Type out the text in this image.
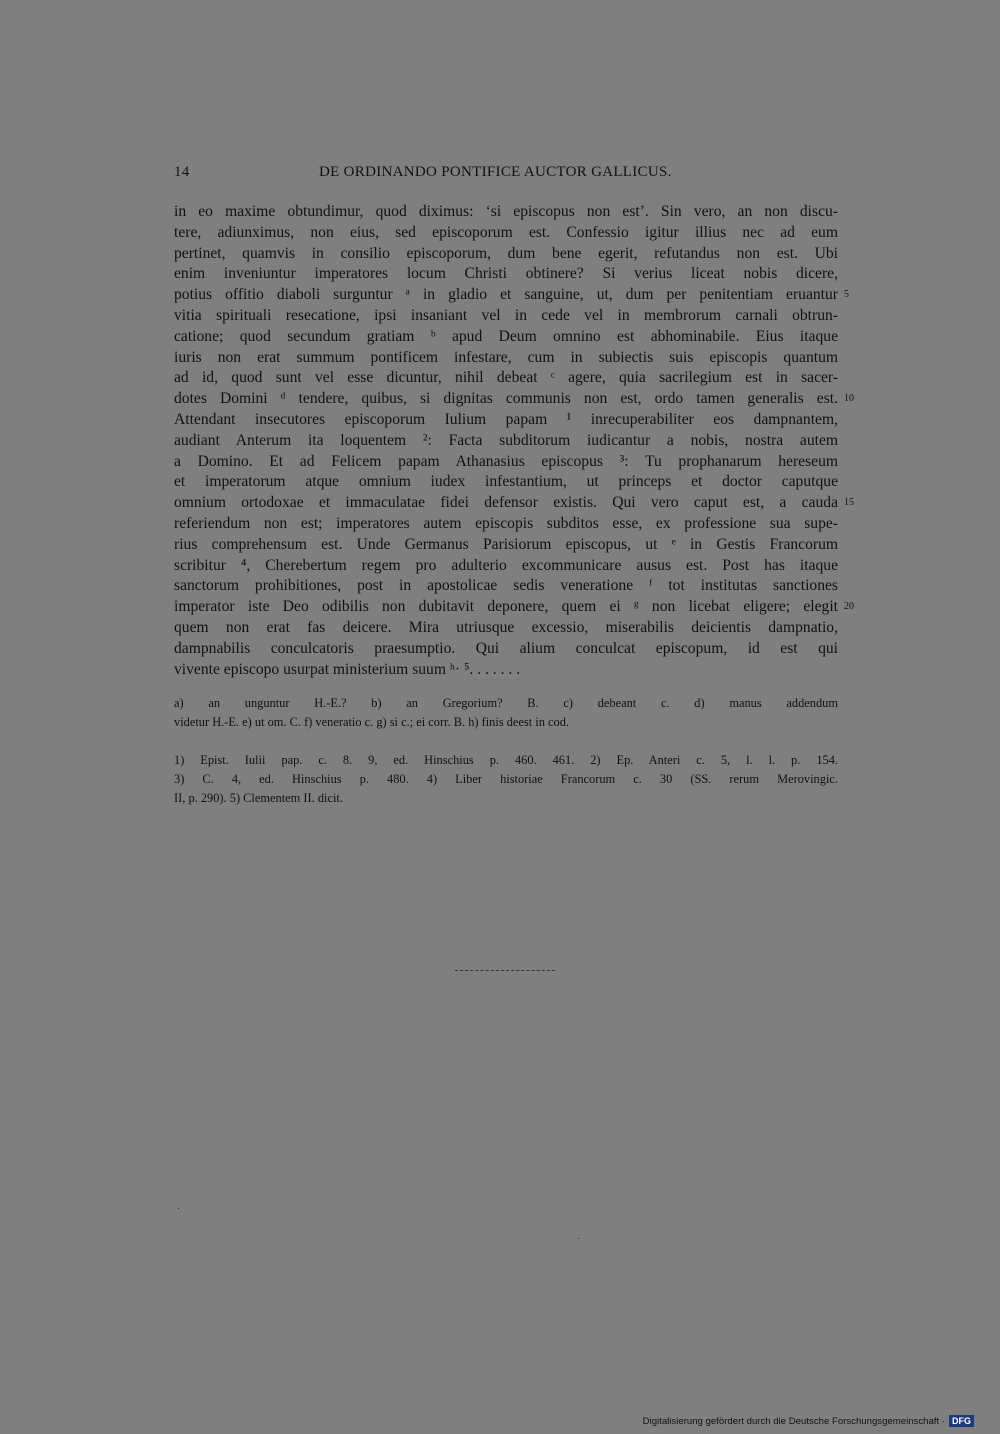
14	DE ORDINANDO PONTIFICE AUCTOR GALLICUS.
in eo maxime obtundimur, quod diximus: ‘si episcopus non est’. Sin vero, an non discu-
tere, adiunximus, non eius, sed episcoporum est. Confessio igitur illius nec ad eum
pertinet, quamvis in consilio episcoporum, dum bene egerit, refutandus non est. Ubi
enim inveniuntur imperatores locum Christi obtinere? Si verius liceat nobis dicere,
potius offitio diaboli surguntur ᵃ in gladio et sanguine, ut, dum per penitentiam eruantur 5
vitia spirituali resecatione, ipsi insaniant vel in cede vel in membrorum carnali obtrun-
catione; quod secundum gratiam ᵇ apud Deum omnino est abhominabile. Eius itaque
iuris non erat summum pontificem infestare, cum in subiectis suis episcopis quantum
ad id, quod sunt vel esse dicuntur, nihil debeat ᶜ agere, quia sacrilegium est in sacer-
dotes Domini ᵈ tendere, quibus, si dignitas communis non est, ordo tamen generalis est. 10
Attendant insecutores episcoporum Iulium papam ¹ inrecuperabiliter eos dampnantem,
audiant Anterum ita loquentem ²: Facta subditorum iudicantur a nobis, nostra autem
a Domino. Et ad Felicem papam Athanasius episcopus ³: Tu prophanarum hereseum
et imperatorum atque omnium iudex infestantium, ut princeps et doctor caputque
omnium ortodoxae et immaculatae fidei defensor existis. Qui vero caput est, a cauda 15
referiendum non est; imperatores autem episcopis subditos esse, ex professione sua supe-
rius comprehensum est. Unde Germanus Parisiorum episcopus, ut ᵉ in Gestis Francorum
scribitur ⁴, Cherebertum regem pro adulterio excommunicare ausus est. Post has itaque
sanctorum prohibitiones, post in apostolicae sedis veneratione ᶠ tot institutas sanctiones
imperator iste Deo odibilis non dubitavit deponere, quem ei ᵍ non licebat eligere; elegit 20
quem non erat fas deicere. Mira utriusque excessio, miserabilis deicientis dampnatio,
dampnabilis conculcatoris praesumptio. Qui alium conculcat episcopum, id est qui
vivente episcopo usurpat ministerium suum ʰ· ⁵. . . . . . .
a) an unguntur H.-E.? b) an Gregorium? B. c) debeant c. d) manus addendum
videtur H.-E. e) ut om. C. f) veneratio c. g) si c.; ei corr. B. h) finis deest in cod.
1) Epist. Iulii pap. c. 8. 9, ed. Hinschius p. 460. 461. 2) Ep. Anteri c. 5, l. l. p. 154.
3) C. 4, ed. Hinschius p. 480. 4) Liber historiae Francorum c. 30 (SS. rerum Merovingic.
II, p. 290). 5) Clementem II. dicit.
Digitalisierung gefördert durch die Deutsche Forschungsgemeinschaft · DFG
